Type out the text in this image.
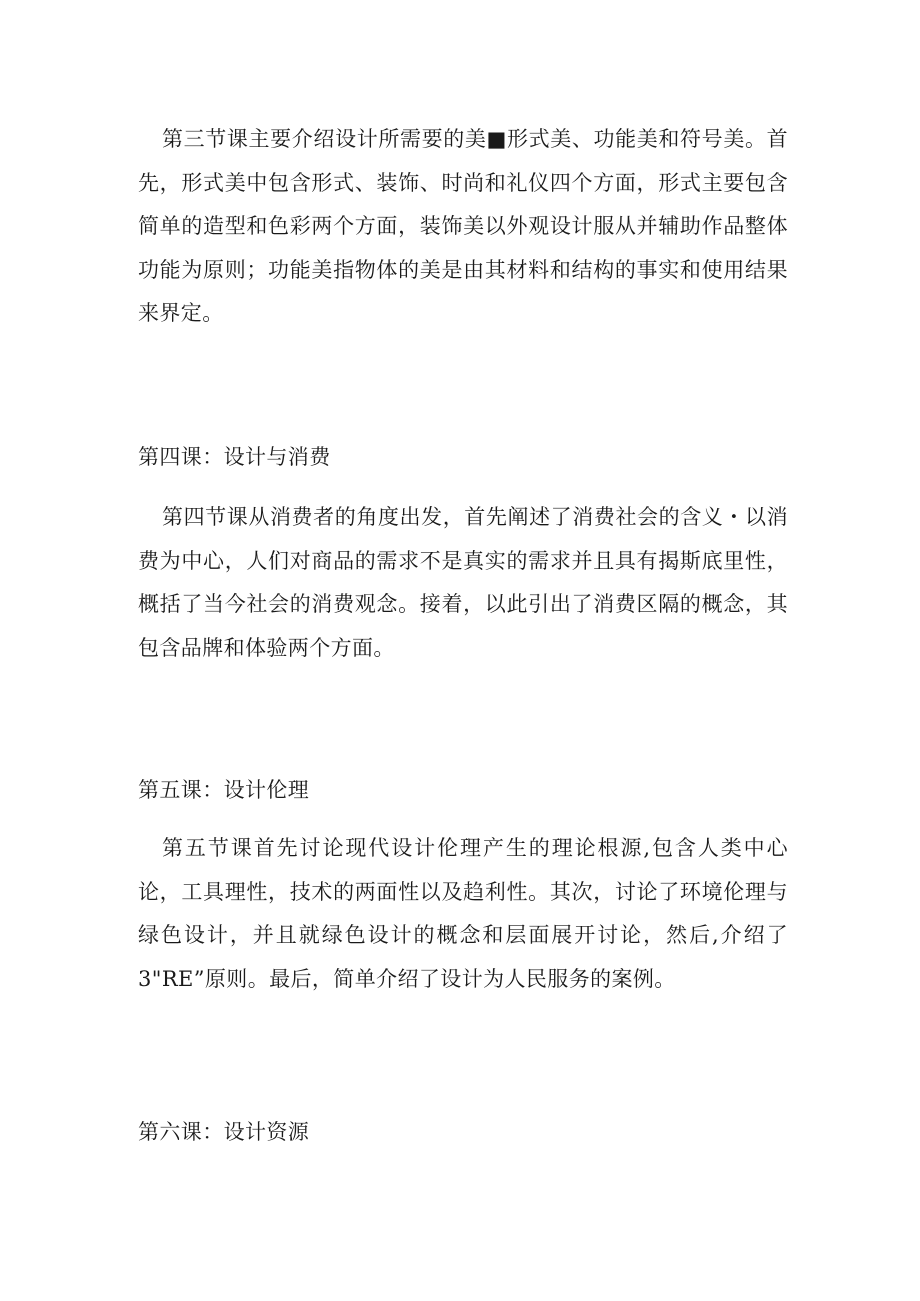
第三节课主要介绍设计所需要的美■形式美、功能美和符号美。首先，形式美中包含形式、装饰、时尚和礼仪四个方面，形式主要包含简单的造型和色彩两个方面，装饰美以外观设计服从并辅助作品整体功能为原则；功能美指物体的美是由其材料和结构的事实和使用结果来界定。

第四课：设计与消费

第四节课从消费者的角度出发，首先阐述了消费社会的含义・以消费为中心，人们对商品的需求不是真实的需求并且具有揭斯底里性，概括了当今社会的消费观念。接着，以此引出了消费区隔的概念，其包含品牌和体验两个方面。

第五课：设计伦理

第五节课首先讨论现代设计伦理产生的理论根源,包含人类中心论，工具理性，技术的两面性以及趋利性。其次，讨论了环境伦理与绿色设计，并且就绿色设计的概念和层面展开讨论，然后,介绍了3"RE”原则。最后，简单介绍了设计为人民服务的案例。

第六课：设计资源
